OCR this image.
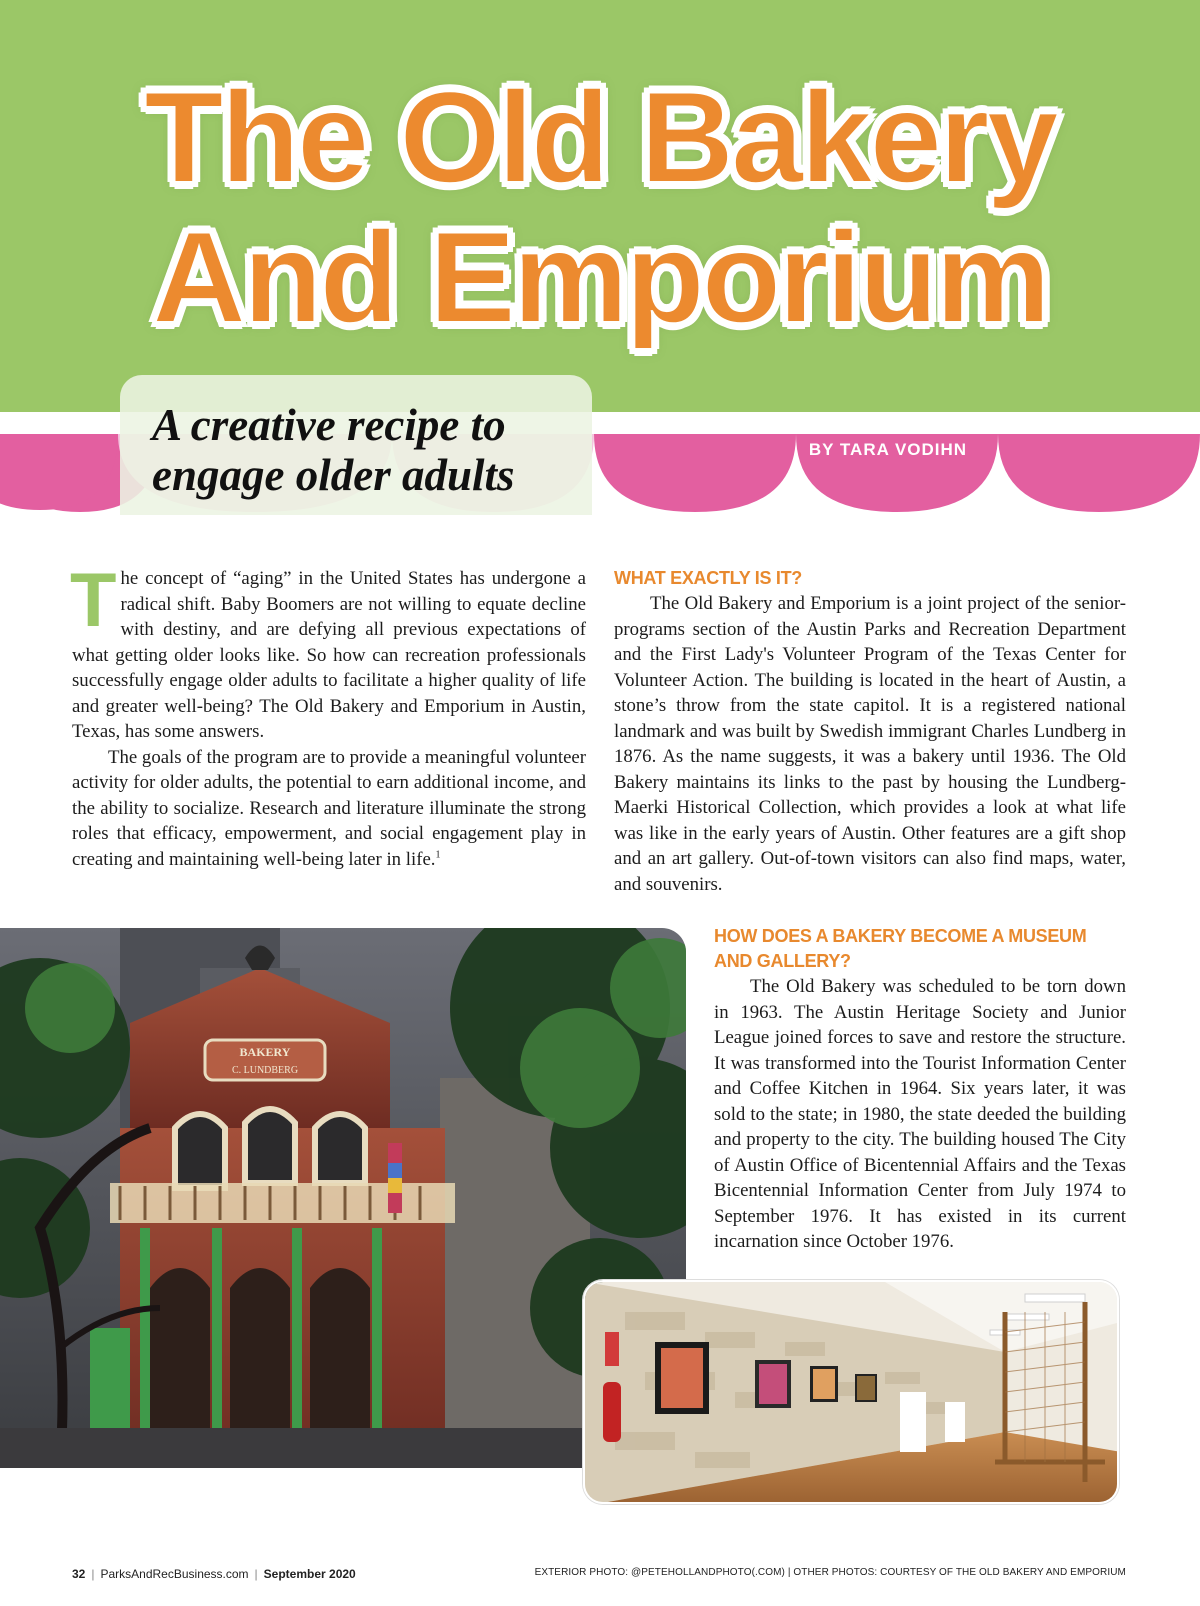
The Old Bakery
And Emporium
A creative recipe to
engage older adults
BY TARA VODIHN

The concept of “aging” in the United States has undergone a radical shift. Baby Boomers are not willing to equate decline with destiny, and are defying all previous expectations of what getting older looks like. So how can recreation professionals successfully engage older adults to facilitate a higher quality of life and greater well-being? The Old Bakery and Emporium in Austin, Texas, has some answers.

The goals of the program are to provide a meaningful volunteer activity for older adults, the potential to earn additional income, and the ability to socialize. Research and literature illuminate the strong roles that efficacy, empowerment, and social engagement play in creating and maintaining well-being later in life.$^1$

WHAT EXACTLY IS IT?

The Old Bakery and Emporium is a joint project of the senior-programs section of the Austin Parks and Recreation Department and the First Lady's Volunteer Program of the Texas Center for Volunteer Action. The building is located in the heart of Austin, a stone’s throw from the state capitol. It is a registered national landmark and was built by Swedish immigrant Charles Lundberg in 1876. As the name suggests, it was a bakery until 1936. The Old Bakery maintains its links to the past by housing the Lundberg-Maerki Historical Collection, which provides a look at what life was like in the early years of Austin. Other features are a gift shop and an art gallery. Out-of-town visitors can also find maps, water, and souvenirs.

HOW DOES A BAKERY BECOME A MUSEUM AND GALLERY?

The Old Bakery was scheduled to be torn down in 1963. The Austin Heritage Society and Junior League joined forces to save and restore the structure. It was transformed into the Tourist Information Center and Coffee Kitchen in 1964. Six years later, it was sold to the state; in 1980, the state deeded the building and property to the city. The building housed The City of Austin Office of Bicentennial Affairs and the Texas Bicentennial Information Center from July 1974 to September 1976. It has existed in its current incarnation since October 1976.

BAKERY
C. LUNDBERG
32 | ParksAndRecBusiness.com | September 2020	EXTERIOR PHOTO: @PETEHOLLANDPHOTO(.COM) | OTHER PHOTOS: COURTESY OF THE OLD BAKERY AND EMPORIUM
